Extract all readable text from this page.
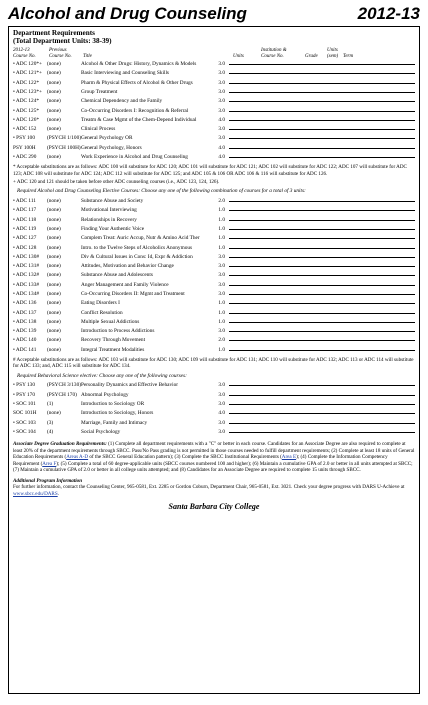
Alcohol and Drug Counseling	2012-13
Department Requirements
(Total Department Units: 38-39)
2012-13	Previous	Institution &	Units
Course No.	Course No.	Title	Units	Course No.	Grade	(sem) Term
• ADC 120*+ (none)	Alcohol & Other Drugs: History, Dynamics & Models	3.0
• ADC 121*+ (none)	Basic Interviewing and Counseling Skills	3.0
• ADC 122*	(none)	Pharm & Physical Effects of Alcohol & Other Drugs	3.0
• ADC 123*+ (none)	Group Treatment	3.0
• ADC 124*	(none)	Chemical Dependency and the Family	3.0
• ADC 125*	(none)	Co-Occurring Disorders I: Recognition & Referral	3.0
• ADC 126*	(none)	Treatm & Case Mgmt of the Chem-Depend Individual	4.0
• ADC 152	(none)	Clinical Process	3.0
• PSY 100	(PSYCH 1/100) General Psychology OR	3.0
PSY 100H	(PSYCH 100H) General Psychology, Honors	4.0
• ADC 290	(none)	Work Experience in Alcohol and Drug Counseling	4.0
* Acceptable substitutions are as follows: ADC 100 will substitute for ADC 120; ADC 101 will substitute for ADC 121; ADC 102 will substitute for ADC 122; ADC 107 will substitute for ADC 123; ADC 108 will substitute for ADC 124; ADC 112 will substitute for ADC 125; and ADC 105 & 106 OR ADC 106 & 116 will substitute for ADC 126.
+ ADC 120 and 121 should be taken before other ADC counseling courses (i.e., ADC 123, 124, 126).
Required Alcohol and Drug Counseling Elective Courses: Choose any one of the following combination of courses for a total of 3 units:
• ADC 111	(none)	Substance Abuse and Society	2.0
• ADC 117	(none)	Motivational Interviewing	1.0
• ADC 118	(none)	Relationships in Recovery	1.0
• ADC 119	(none)	Finding Your Authentic Voice	1.0
• ADC 127	(none)	Complem Treat: Auric Accup, Nutr & Amino Acid Ther	1.0
• ADC 128	(none)	Intro. to the Twelve Steps of Alcoholics Anonymous	1.0
• ADC 130#	(none)	Div & Cultural Issues in Cons: Id, Expr & Addiction	3.0
• ADC 131#	(none)	Attitudes, Motivation and Behavior Change	3.0
• ADC 132#	(none)	Substance Abuse and Adolescents	3.0
• ADC 133#	(none)	Anger Management and Family Violence	3.0
• ADC 134#	(none)	Co-Occurring Disorders II: Mgmt and Treatment	3.0
• ADC 136	(none)	Eating Disorders I	1.0
• ADC 137	(none)	Conflict Resolution	1.0
• ADC 138	(none)	Multiple Sexual Addictions	1.0
• ADC 139	(none)	Introduction to Process Addictions	3.0
• ADC 140	(none)	Recovery Through Movement	2.0
• ADC 141	(none)	Integral Treatment Modalities	1.0
# Acceptable substitutions are as follows: ADC 103 will substitute for ADC 130; ADC 109 will substitute for ADC 131; ADC 110 will substitute for ADC 132; ADC 113 or ADC 114 will substitute for ADC 133; and, ADC 115 will substitute for ADC 134.
Required Behavioral Science elective: Choose any one of the following courses:
• PSY 130	(PSYCH 3/130) Personality Dynamics and Effective Behavior	3.0
• PSY 170	(PSYCH 170) Abnormal Psychology	3.0
• SOC 101	(1)	Introduction to Sociology OR	3.0
SOC 101H	(none)	Introduction to Sociology, Honors	4.0
• SOC 103	(3)	Marriage, Family and Intimacy	3.0
• SOC 104	(4)	Social Psychology	3.0
Associate Degree Graduation Requirements: (1) Complete all department requirements with a "C" or better in each course. Candidates for an Associate Degree are also required to complete at least 20% of the department requirements through SBCC. Pass/No Pass grading is not permitted in those courses needed to fulfill department requirements; (2) Complete at least 18 units of General Education Requirements (Areas A-D of the SBCC General Education pattern); (3) Complete the SBCC Institutional Requirements (Area E); (4) Complete the Information Competency Requirement (Area F); (5) Complete a total of 60 degree-applicable units (SBCC courses numbered 100 and higher); (6) Maintain a cumulative GPA of 2.0 or better in all units attempted at SBCC; (7) Maintain a cumulative GPA of 2.0 or better in all college units attempted; and (8) Candidates for an Associate Degree are required to complete 15 units through SBCC.
Additional Program Information
For further information, contact the Counseling Center, 965-0581, Ext. 2285 or Gordon Coburn, Department Chair, 965-0581, Ext. 3021. Check your degree progress with DARS U-Achieve at www.sbcc.edu/DARS.
Santa Barbara City College
